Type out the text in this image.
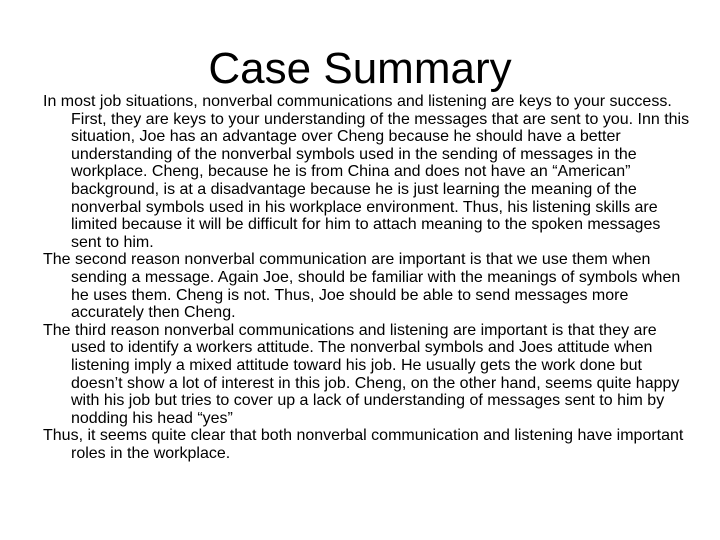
Case Summary
In most job situations, nonverbal communications and listening are keys to your success. First, they are keys to your understanding of the messages that are sent to you. Inn this situation, Joe has an advantage over Cheng because he should have a better understanding of the nonverbal symbols used in the sending of messages in the workplace. Cheng, because he is from China and does not have an “American” background, is at a disadvantage because he is just learning the meaning of the nonverbal symbols used in his workplace environment. Thus, his listening skills are limited because it will be difficult for him to attach meaning to the spoken messages sent to him.
The second reason nonverbal communication are important is that we use them when sending a message. Again Joe, should be familiar with the meanings of symbols when he uses them. Cheng is not. Thus, Joe should be able to send messages more accurately then Cheng.
The third reason nonverbal communications and listening are important is that they are used to identify a workers attitude. The nonverbal symbols and Joes attitude when listening imply a mixed attitude toward his job. He usually gets the work done but doesn’t show a lot of interest in this job. Cheng, on the other hand, seems quite happy with his job but tries to cover up a lack of understanding of messages sent to him by nodding his head “yes”
Thus, it seems quite clear that both nonverbal communication and listening have important roles in the workplace.
